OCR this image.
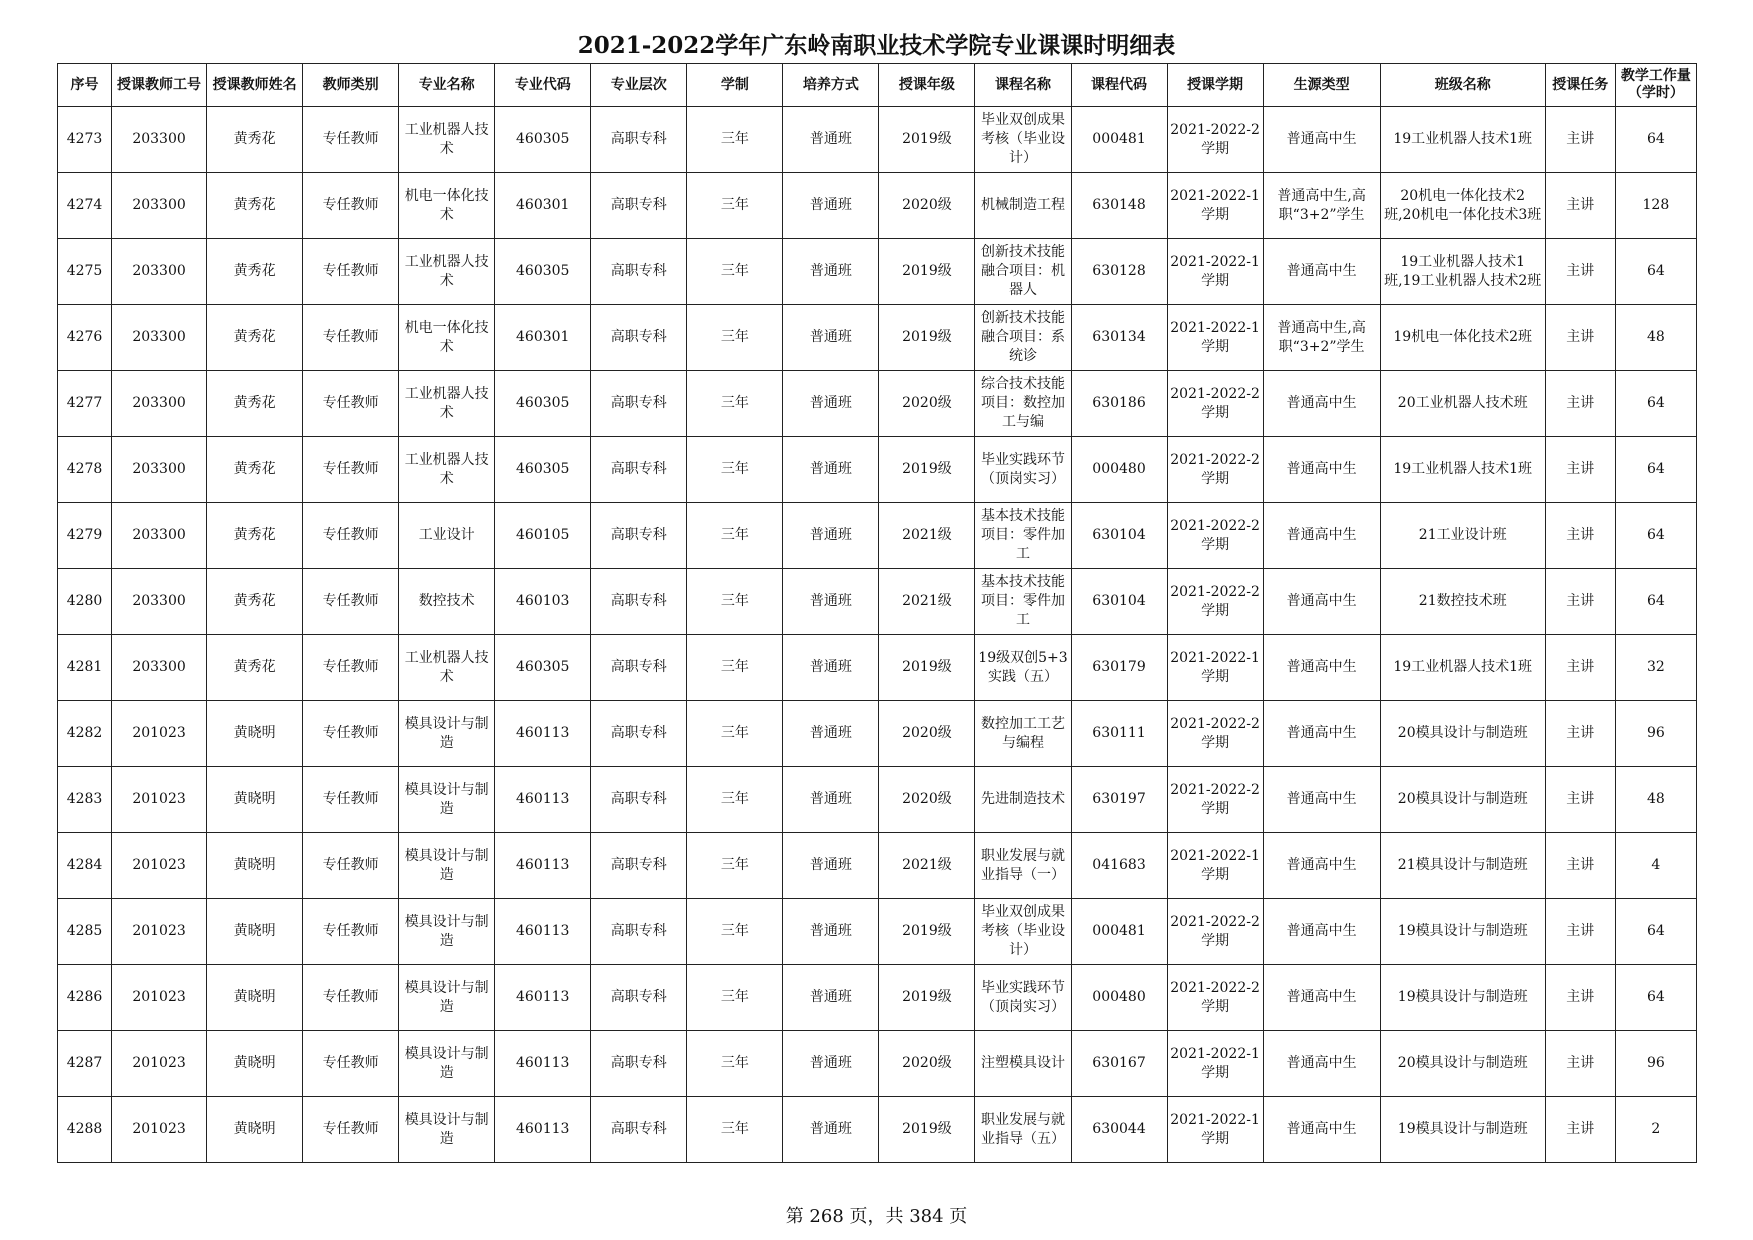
2021-2022学年广东岭南职业技术学院专业课课时明细表
序号	授课教师工号	授课教师姓名	教师类别	专业名称	专业代码	专业层次	学制	培养方式	授课年级	课程名称	课程代码	授课学期	生源类型	班级名称	授课任务	教学工作量（学时）

4273	203300	黄秀花	专任教师	工业机器人技术	460305	高职专科	三年	普通班	2019级	毕业双创成果考核（毕业设计）	000481	2021-2022-2学期	普通高中生	19工业机器人技术1班	主讲	64

4274	203300	黄秀花	专任教师	机电一体化技术	460301	高职专科	三年	普通班	2020级	机械制造工程	630148	2021-2022-1学期	普通高中生,高职“3+2”学生	20机电一体化技术2班,20机电一体化技术3班	主讲	128

4275	203300	黄秀花	专任教师	工业机器人技术	460305	高职专科	三年	普通班	2019级	创新技术技能融合项目：机器人	630128	2021-2022-1学期	普通高中生	19工业机器人技术1班,19工业机器人技术2班	主讲	64

4276	203300	黄秀花	专任教师	机电一体化技术	460301	高职专科	三年	普通班	2019级	创新技术技能融合项目：系统诊	630134	2021-2022-1学期	普通高中生,高职“3+2”学生	19机电一体化技术2班	主讲	48

4277	203300	黄秀花	专任教师	工业机器人技术	460305	高职专科	三年	普通班	2020级	综合技术技能项目：数控加工与编	630186	2021-2022-2学期	普通高中生	20工业机器人技术班	主讲	64

4278	203300	黄秀花	专任教师	工业机器人技术	460305	高职专科	三年	普通班	2019级	毕业实践环节（顶岗实习）	000480	2021-2022-2学期	普通高中生	19工业机器人技术1班	主讲	64

4279	203300	黄秀花	专任教师	工业设计	460105	高职专科	三年	普通班	2021级	基本技术技能项目：零件加工	630104	2021-2022-2学期	普通高中生	21工业设计班	主讲	64

4280	203300	黄秀花	专任教师	数控技术	460103	高职专科	三年	普通班	2021级	基本技术技能项目：零件加工	630104	2021-2022-2学期	普通高中生	21数控技术班	主讲	64

4281	203300	黄秀花	专任教师	工业机器人技术	460305	高职专科	三年	普通班	2019级	19级双创5+3实践（五）	630179	2021-2022-1学期	普通高中生	19工业机器人技术1班	主讲	32

4282	201023	黄晓明	专任教师	模具设计与制造	460113	高职专科	三年	普通班	2020级	数控加工工艺与编程	630111	2021-2022-2学期	普通高中生	20模具设计与制造班	主讲	96

4283	201023	黄晓明	专任教师	模具设计与制造	460113	高职专科	三年	普通班	2020级	先进制造技术	630197	2021-2022-2学期	普通高中生	20模具设计与制造班	主讲	48

4284	201023	黄晓明	专任教师	模具设计与制造	460113	高职专科	三年	普通班	2021级	职业发展与就业指导（一）	041683	2021-2022-1学期	普通高中生	21模具设计与制造班	主讲	4

4285	201023	黄晓明	专任教师	模具设计与制造	460113	高职专科	三年	普通班	2019级	毕业双创成果考核（毕业设计）	000481	2021-2022-2学期	普通高中生	19模具设计与制造班	主讲	64

4286	201023	黄晓明	专任教师	模具设计与制造	460113	高职专科	三年	普通班	2019级	毕业实践环节（顶岗实习）	000480	2021-2022-2学期	普通高中生	19模具设计与制造班	主讲	64

4287	201023	黄晓明	专任教师	模具设计与制造	460113	高职专科	三年	普通班	2020级	注塑模具设计	630167	2021-2022-1学期	普通高中生	20模具设计与制造班	主讲	96

4288	201023	黄晓明	专任教师	模具设计与制造	460113	高职专科	三年	普通班	2019级	职业发展与就业指导（五）	630044	2021-2022-1学期	普通高中生	19模具设计与制造班	主讲	2
第 268 页，共 384 页
